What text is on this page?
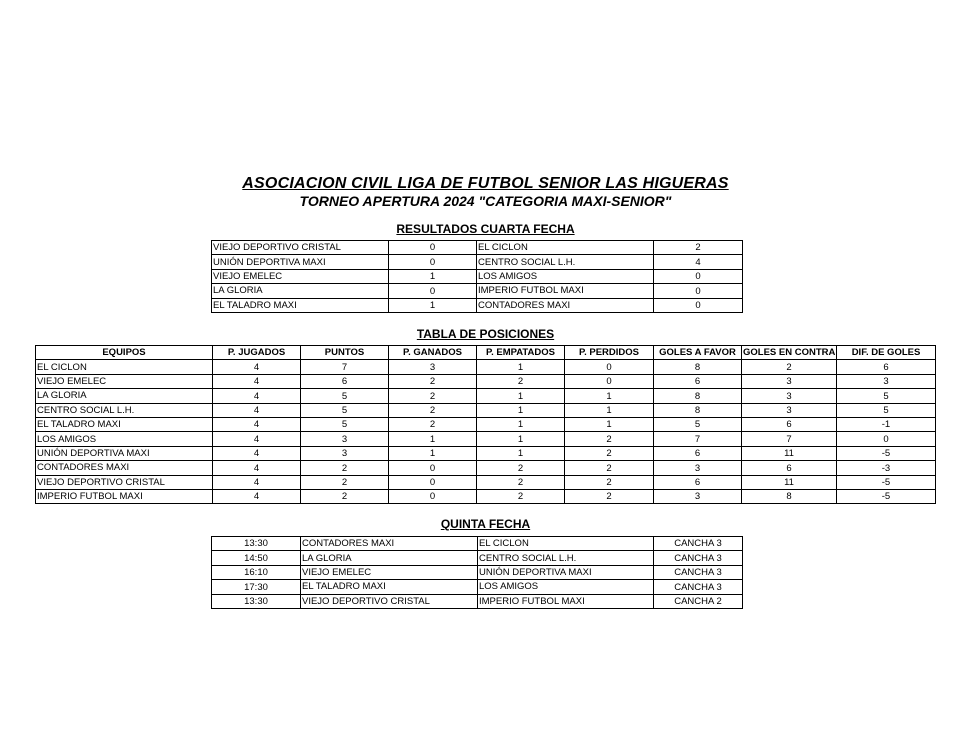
ASOCIACION CIVIL LIGA DE FUTBOL SENIOR LAS HIGUERAS
TORNEO APERTURA 2024 "CATEGORIA MAXI-SENIOR"
RESULTADOS CUARTA FECHA
VIEJO DEPORTIVO CRISTAL	0	EL CICLON	2
UNIÓN DEPORTIVA MAXI	0	CENTRO SOCIAL L.H.	4
VIEJO EMELEC	1	LOS AMIGOS	0
LA GLORIA	0	IMPERIO FUTBOL MAXI	0
EL TALADRO MAXI	1	CONTADORES MAXI	0
TABLA DE POSICIONES
EQUIPOS	P. JUGADOS	PUNTOS	P. GANADOS	P. EMPATADOS	P. PERDIDOS	GOLES A FAVOR	GOLES EN CONTRA	DIF. DE GOLES
EL CICLON	4	7	3	1	0	8	2	6
VIEJO EMELEC	4	6	2	2	0	6	3	3
LA GLORIA	4	5	2	1	1	8	3	5
CENTRO SOCIAL L.H.	4	5	2	1	1	8	3	5
EL TALADRO MAXI	4	5	2	1	1	5	6	-1
LOS AMIGOS	4	3	1	1	2	7	7	0
UNIÓN DEPORTIVA MAXI	4	3	1	1	2	6	11	-5
CONTADORES MAXI	4	2	0	2	2	3	6	-3
VIEJO DEPORTIVO CRISTAL	4	2	0	2	2	6	11	-5
IMPERIO FUTBOL MAXI	4	2	0	2	2	3	8	-5
QUINTA FECHA
13:30	CONTADORES MAXI	EL CICLON	CANCHA 3
14:50	LA GLORIA	CENTRO SOCIAL L.H.	CANCHA 3
16:10	VIEJO EMELEC	UNIÓN DEPORTIVA MAXI	CANCHA 3
17:30	EL TALADRO MAXI	LOS AMIGOS	CANCHA 3
13:30	VIEJO DEPORTIVO CRISTAL	IMPERIO FUTBOL MAXI	CANCHA 2
